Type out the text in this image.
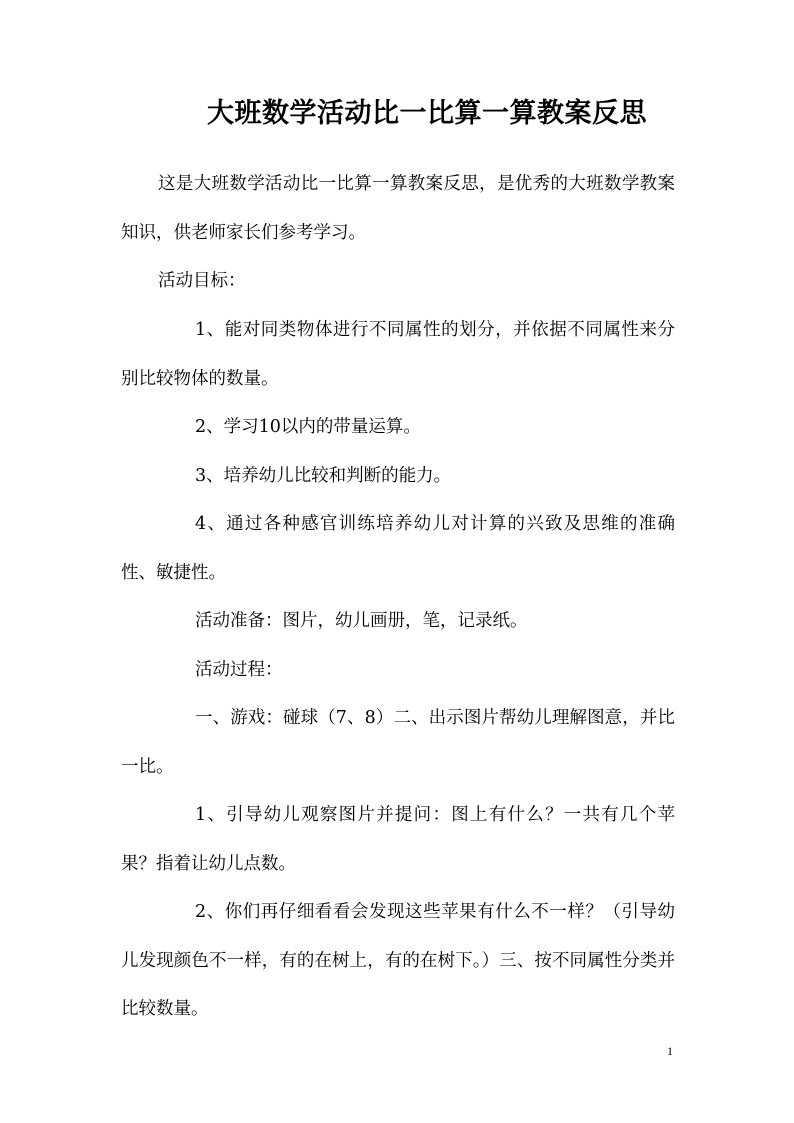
大班数学活动比一比算一算教案反思

这是大班数学活动比一比算一算教案反思，是优秀的大班数学教案知识，供老师家长们参考学习。

活动目标：

1、能对同类物体进行不同属性的划分，并依据不同属性来分别比较物体的数量。

2、学习10以内的带量运算。

3、培养幼儿比较和判断的能力。

4、通过各种感官训练培养幼儿对计算的兴致及思维的准确性、敏捷性。

活动准备：图片，幼儿画册，笔，记录纸。

活动过程：

一、游戏：碰球（7、8）二、出示图片帮幼儿理解图意，并比一比。

1、引导幼儿观察图片并提问：图上有什么？一共有几个苹果？指着让幼儿点数。

2、你们再仔细看看会发现这些苹果有什么不一样？（引导幼儿发现颜色不一样，有的在树上，有的在树下。）三、按不同属性分类并比较数量。

1
